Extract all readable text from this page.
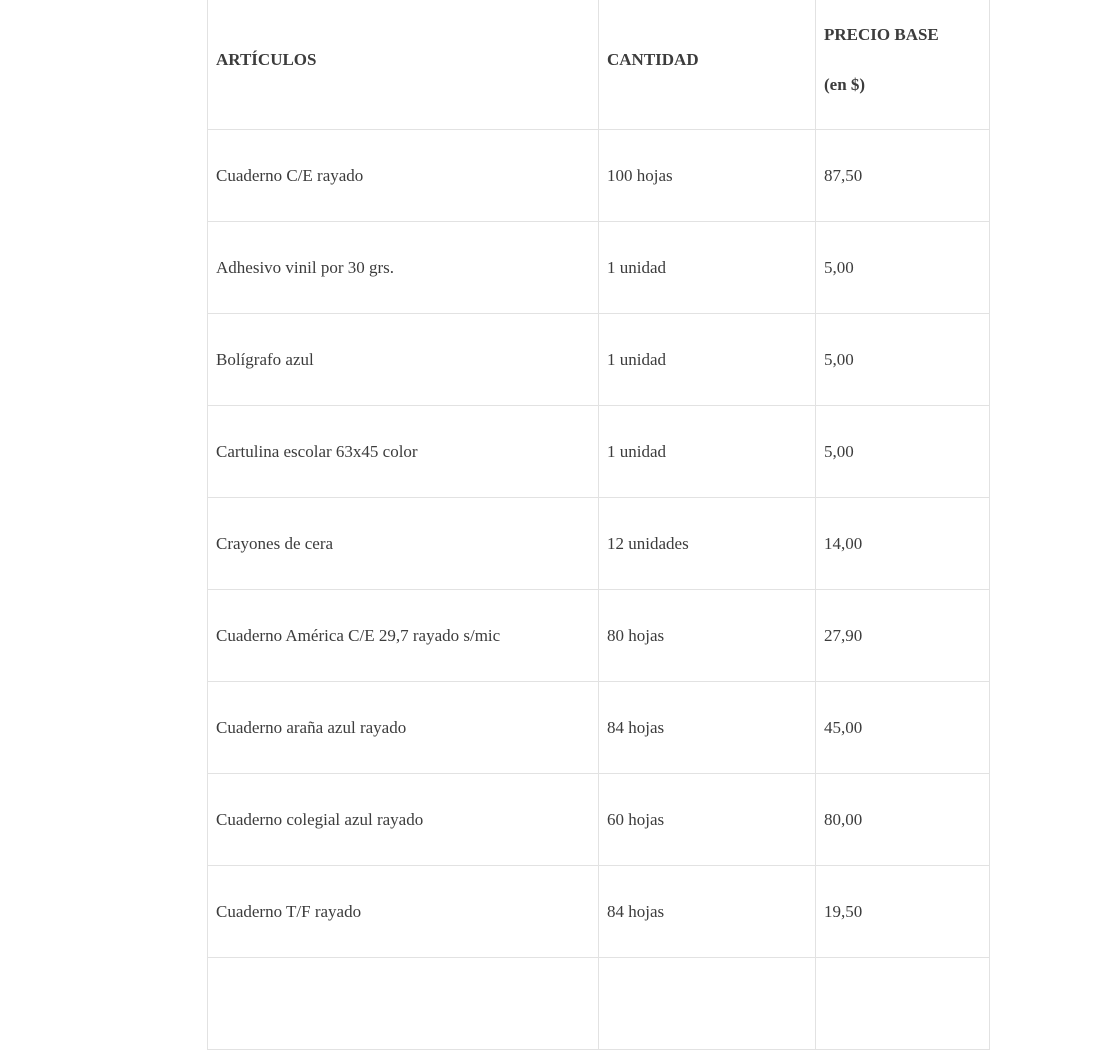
ARTÍCULOS	CANTIDAD	PRECIO BASE
(en $)

Cuaderno C/E rayado	100 hojas	87,50
Adhesivo vinil por 30 grs.	1 unidad	5,00
Bolígrafo azul	1 unidad	5,00
Cartulina escolar 63x45 color	1 unidad	5,00
Crayones de cera	12 unidades	14,00
Cuaderno América C/E 29,7 rayado s/mic	80 hojas	27,90
Cuaderno araña azul rayado	84 hojas	45,00
Cuaderno colegial azul rayado	60 hojas	80,00
Cuaderno T/F rayado	84 hojas	19,50
